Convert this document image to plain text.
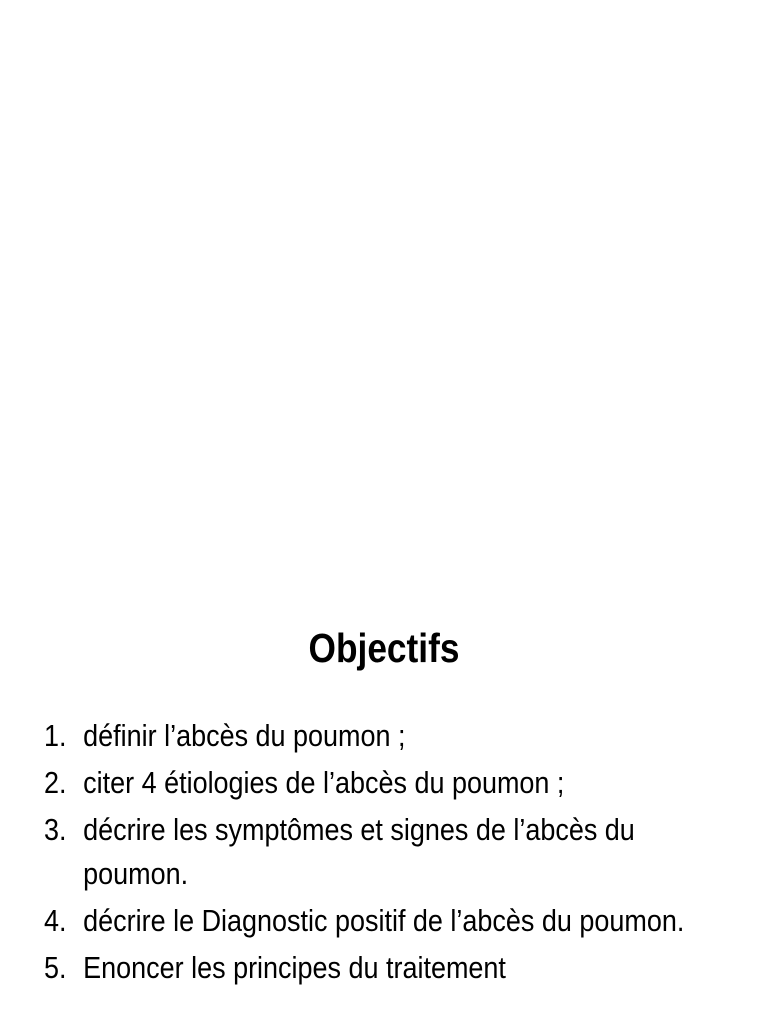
Objectifs
1. définir l’abcès du poumon ;
2. citer 4 étiologies de l’abcès du poumon ;
3. décrire les symptômes et signes de l’abcès du poumon.
4. décrire le Diagnostic positif de l’abcès du poumon.
5. Enoncer les principes du traitement
